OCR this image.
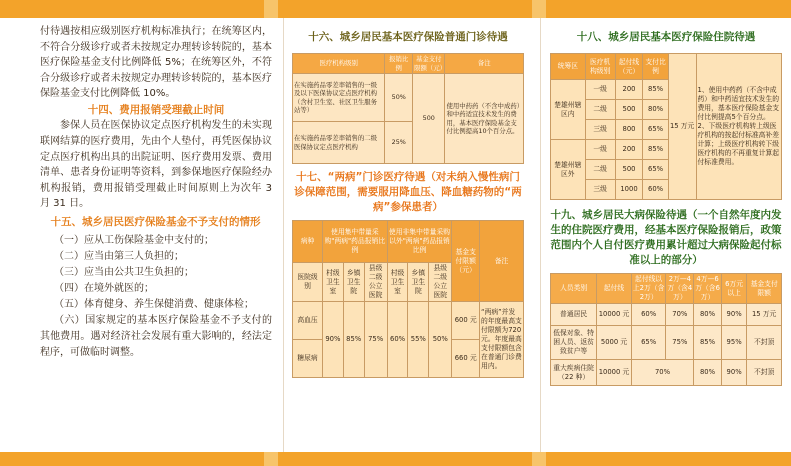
付待遇按相应级别医疗机构标准执行；在统筹区内，不符合分级诊疗或者未按规定办理转诊转院的，基本医疗保险基金支付比例降低 5%；在统筹区外，不符合分级诊疗或者未按规定办理转诊转院的，基本医疗保险基金支付比例降低 10%。

十四、费用报销受理截止时间

参保人员在医保协议定点医疗机构发生的未实现联网结算的医疗费用，先由个人垫付，再凭医保协议定点医疗机构出具的出院证明、医疗费用发票、费用清单、患者身份证明等资料，到参保地医疗保险经办机构报销，费用报销受理截止时间原则上为次年 3 月 31 日。

十五、城乡居民医疗保险基金不予支付的情形

（一）应从工伤保险基金中支付的；

（二）应当由第三人负担的；

（三）应当由公共卫生负担的；

（四）在境外就医的；

（五）体育健身、养生保健消费、健康体检；

（六）国家规定的基本医疗保险基金不予支付的其他费用。遇对经济社会发展有重大影响的，经法定程序，可做临时调整。

十六、城乡居民基本医疗保险普通门诊待遇

医疗机构级别	报销比例	基金支付限额（元）	备注
在实施药品零差率销售的一级及以下医保协议定点医疗机构（含村卫生室、社区卫生服务站等）	50%	500	使用中药药（不含中成药）和中药适宜技术发生的费用，基本医疗保险基金支付比例提高10个百分点。
在实施药品零差率销售的二级医保协议定点医疗机构	25%		

十七、“两病”门诊医疗待遇（对未纳入慢性病门诊保障范围，需要服用降血压、降血糖药物的“两病”参保患者）

病种	使用集中带量采购"两病"药品报销比例			使用非集中带量采购以外"两病"药品报销比例			基金支付限额（元）	备注
医院级别	村级卫生室	乡镇卫生院	县级二级公立医院	村级卫生室	乡镇卫生院	县级二级公立医院		
高血压	90%	85%	75%	60%	55%	50%	600 元	“两病”并发的年度最高支付限额为720元。年度最高支付限额包含在普通门诊费用内。
糖尿病							660 元	

十八、城乡居民基本医疗保险住院待遇

统筹区	医疗机构级别	起付线（元）	支付比例	15 万元	1、使用中药药（不含中成药）和中药适宜技术发生的费用，基本医疗保险基金支付比例提高5个百分点。2、下级医疗机构转上级医疗机构的按起付标准高补差计算；上级医疗机构转下级医疗机构的不再重复计算起付标准费用。
楚雄州辖区内	一级	200	85%		
	二级	500	80%		
	三级	800	65%		
楚雄州辖区外	一级	200	85%		
	二级	500	65%		
	三级	1000	60%		

十九、城乡居民大病保险待遇（一个自然年度内发生的住院医疗费用，经基本医疗保险报销后，政策范围内个人自付医疗费用累计超过大病保险起付标准以上的部分）

人员类别	起付线	起付线以上2万（含2万）	2万—4万（含4万）	4万—6万（含6万）	6万元以上	基金支付限额
普通居民	10000 元	60%	70%	80%	90%	15 万元
低保对象、特困人员、返贫致贫户等	5000 元	65%	75%	85%	95%	不封顶
重大疾病住院（22 种）	10000 元	70%		80%	90%	不封顶
